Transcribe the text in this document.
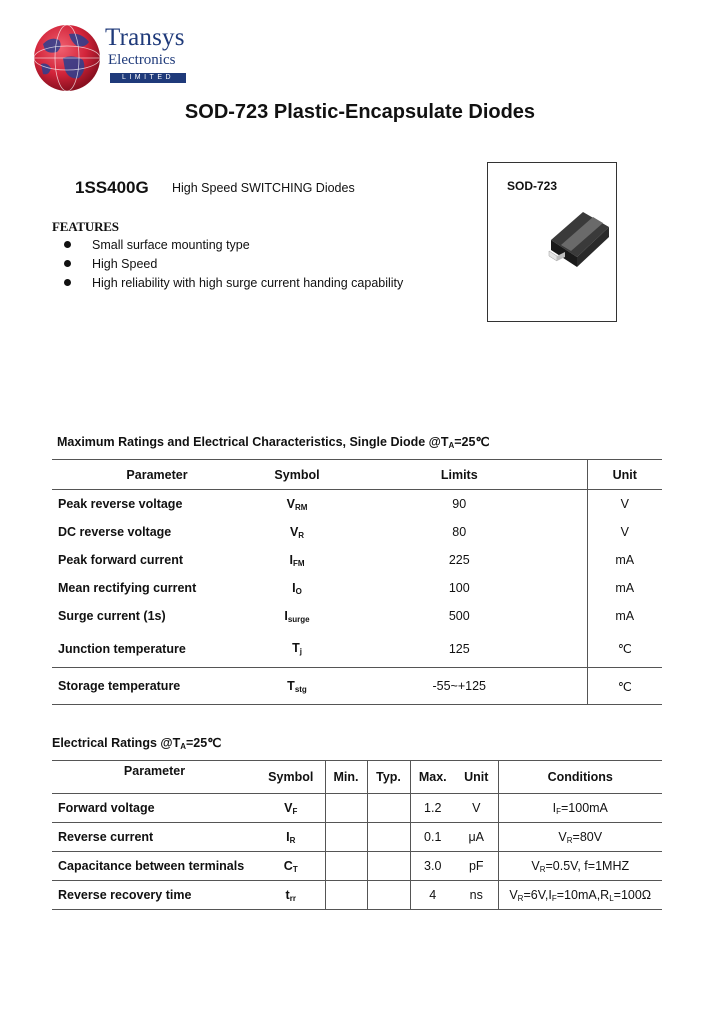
Transys
Electronics
LIMITED
SOD-723 Plastic-Encapsulate Diodes
1SS400G High Speed SWITCHING Diodes
FEATURES
Small surface mounting type
High Speed
High reliability with high surge current handing capability
SOD-723
Maximum Ratings and Electrical Characteristics, Single Diode $@T_A=25℃$
Parameter	Symbol	Limits	Unit
Peak reverse voltage	$V_{RM}$	90	V
DC reverse voltage	$V_R$	80	V
Peak forward current	$I_{FM}$	225	mA
Mean rectifying current	$I_O$	100	mA
Surge current (1s)	$I_{surge}$	500	mA
Junction temperature	$T_j$	125	℃
Storage temperature	$T_{stg}$	-55~+125	℃
Electrical Ratings $@T_A=25℃$
Parameter	Symbol	Min.	Typ.	Max.	Unit	Conditions
Forward voltage	$V_F$			1.2	V	$I_F=100mA$
Reverse current	$I_R$			0.1	μA	$V_R=80V$
Capacitance between terminals	$C_T$			3.0	pF	$V_R=0.5V$, f=1MHZ
Reverse recovery time	$t_{rr}$			4	ns	$V_R=6V,I_F=10mA,R_L=100\Omega$
